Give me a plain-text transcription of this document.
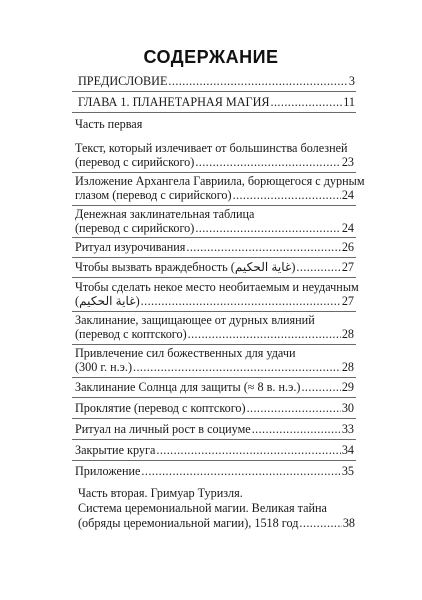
СОДЕРЖАНИЕ
ПРЕДИСЛОВИЕ .....	3
ГЛАВА 1. ПЛАНЕТАРНАЯ МАГИЯ .....	11
Часть первая
Текст, который излечивает от большинства болезней
(перевод с сирийского) .....	23
Изложение Архангела Гавриила, борющегося с дурным
глазом (перевод с сирийского) .....	24
Денежная заклинательная таблица
(перевод с сирийского) .....	24
Ритуал изурочивания .....	26
Чтобы вызвать враждебность (غاية الحكيم) .....	27
Чтобы сделать некое место необитаемым и неудачным
(غاية الحكيم) .....	27
Заклинание, защищающее от дурных влияний
(перевод с коптского) .....	28
Привлечение сил божественных для удачи
(300 г. н.э.) .....	28
Заклинание Солнца для защиты (≈ 8 в. н.э.) .....	29
Проклятие (перевод с коптского) .....	30
Ритуал на личный рост в социуме .....	33
Закрытие круга .....	34
Приложение .....	35
Часть вторая. Гримуар Туризля.
Система церемониальной магии. Великая тайна
(обряды церемониальной магии), 1518 год .....	38
